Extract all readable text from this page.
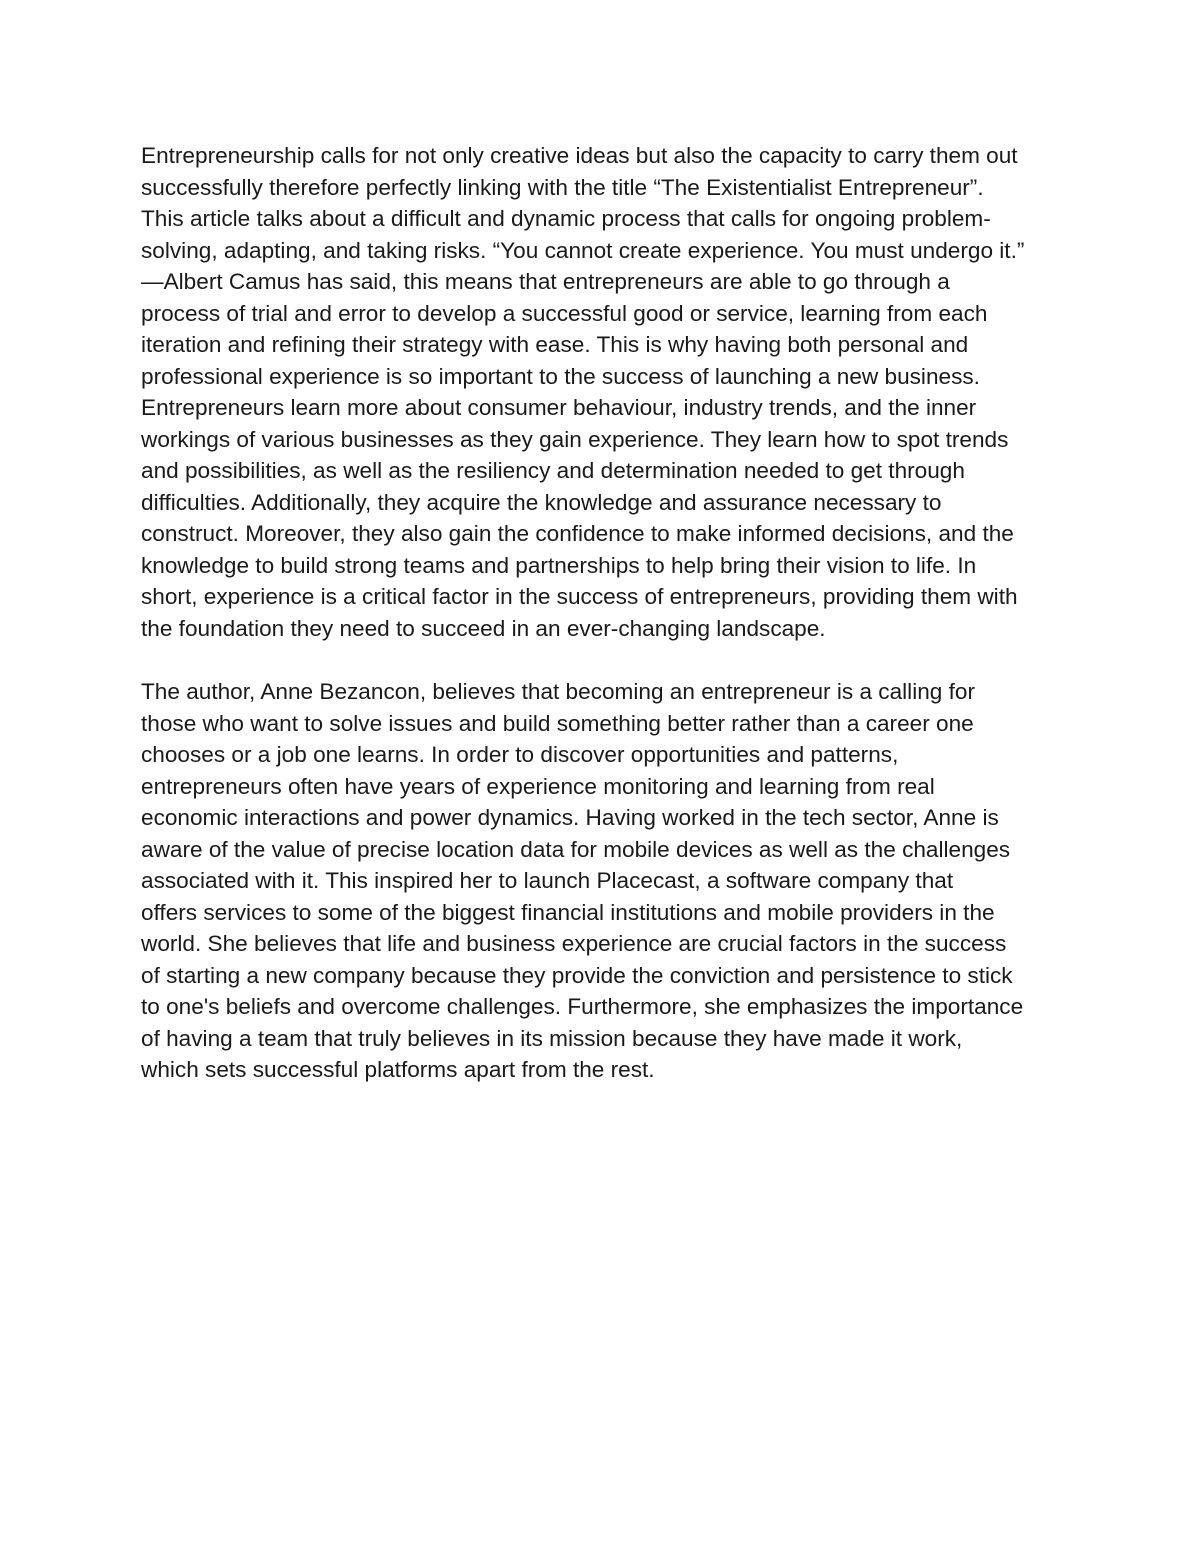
Entrepreneurship calls for not only creative ideas but also the capacity to carry them out
successfully therefore perfectly linking with the title “The Existentialist Entrepreneur”.
This article talks about a difficult and dynamic process that calls for ongoing problem-
solving, adapting, and taking risks. “You cannot create experience. You must undergo it.”
—Albert Camus has said, this means that entrepreneurs are able to go through a
process of trial and error to develop a successful good or service, learning from each
iteration and refining their strategy with ease. This is why having both personal and
professional experience is so important to the success of launching a new business.
Entrepreneurs learn more about consumer behaviour, industry trends, and the inner
workings of various businesses as they gain experience. They learn how to spot trends
and possibilities, as well as the resiliency and determination needed to get through
difficulties. Additionally, they acquire the knowledge and assurance necessary to
construct. Moreover, they also gain the confidence to make informed decisions, and the
knowledge to build strong teams and partnerships to help bring their vision to life. In
short, experience is a critical factor in the success of entrepreneurs, providing them with
the foundation they need to succeed in an ever-changing landscape.

The author, Anne Bezancon, believes that becoming an entrepreneur is a calling for
those who want to solve issues and build something better rather than a career one
chooses or a job one learns. In order to discover opportunities and patterns,
entrepreneurs often have years of experience monitoring and learning from real
economic interactions and power dynamics. Having worked in the tech sector, Anne is
aware of the value of precise location data for mobile devices as well as the challenges
associated with it. This inspired her to launch Placecast, a software company that
offers services to some of the biggest financial institutions and mobile providers in the
world. She believes that life and business experience are crucial factors in the success
of starting a new company because they provide the conviction and persistence to stick
to one's beliefs and overcome challenges. Furthermore, she emphasizes the importance
of having a team that truly believes in its mission because they have made it work,
which sets successful platforms apart from the rest.
